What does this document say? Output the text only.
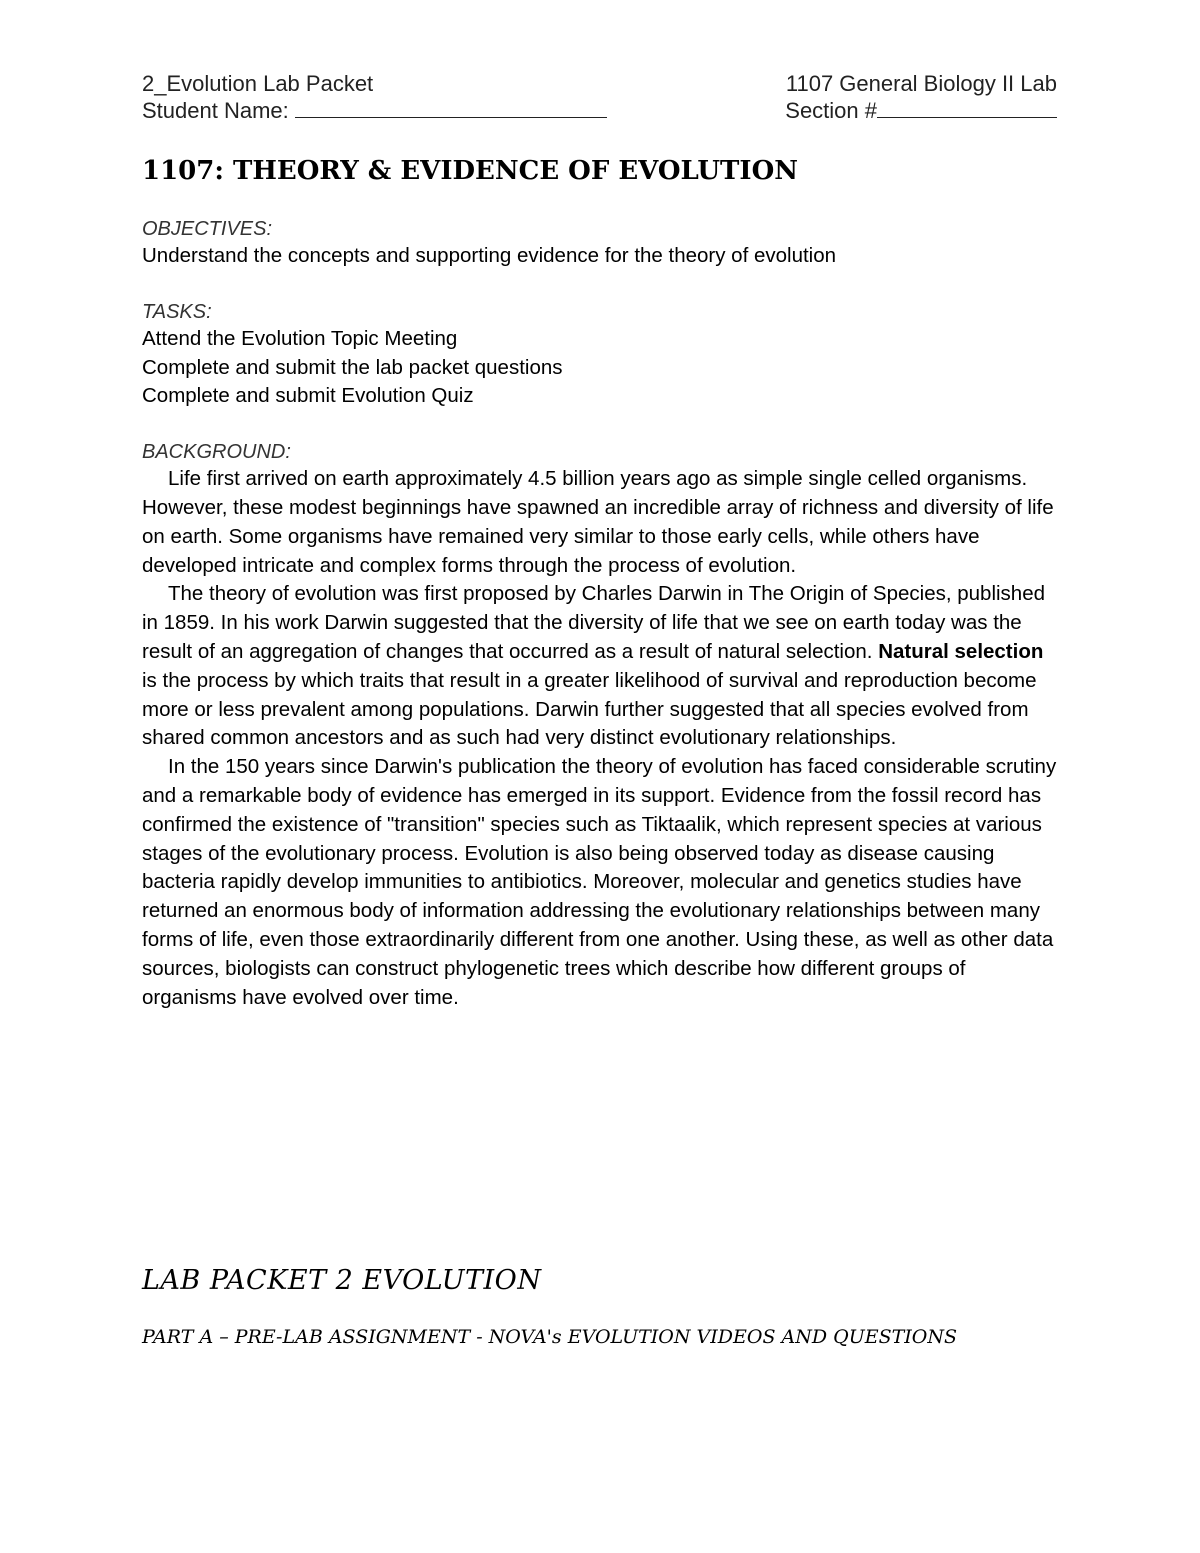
2_Evolution Lab Packet	1107 General Biology II Lab
Student Name:	Section #
1107: THEORY & EVIDENCE OF EVOLUTION
OBJECTIVES:
Understand the concepts and supporting evidence for the theory of evolution
TASKS:
Attend the Evolution Topic Meeting
Complete and submit the lab packet questions
Complete and submit Evolution Quiz
BACKGROUND:

Life first arrived on earth approximately 4.5 billion years ago as simple single celled organisms. However, these modest beginnings have spawned an incredible array of richness and diversity of life on earth. Some organisms have remained very similar to those early cells, while others have developed intricate and complex forms through the process of evolution.

The theory of evolution was first proposed by Charles Darwin in The Origin of Species, published in 1859. In his work Darwin suggested that the diversity of life that we see on earth today was the result of an aggregation of changes that occurred as a result of natural selection. Natural selection is the process by which traits that result in a greater likelihood of survival and reproduction become more or less prevalent among populations. Darwin further suggested that all species evolved from shared common ancestors and as such had very distinct evolutionary relationships.

In the 150 years since Darwin's publication the theory of evolution has faced considerable scrutiny and a remarkable body of evidence has emerged in its support. Evidence from the fossil record has confirmed the existence of "transition" species such as Tiktaalik, which represent species at various stages of the evolutionary process. Evolution is also being observed today as disease causing bacteria rapidly develop immunities to antibiotics. Moreover, molecular and genetics studies have returned an enormous body of information addressing the evolutionary relationships between many forms of life, even those extraordinarily different from one another. Using these, as well as other data sources, biologists can construct phylogenetic trees which describe how different groups of organisms have evolved over time.

LAB PACKET 2 EVOLUTION
PART A – PRE-LAB ASSIGNMENT - NOVA's EVOLUTION VIDEOS AND QUESTIONS
